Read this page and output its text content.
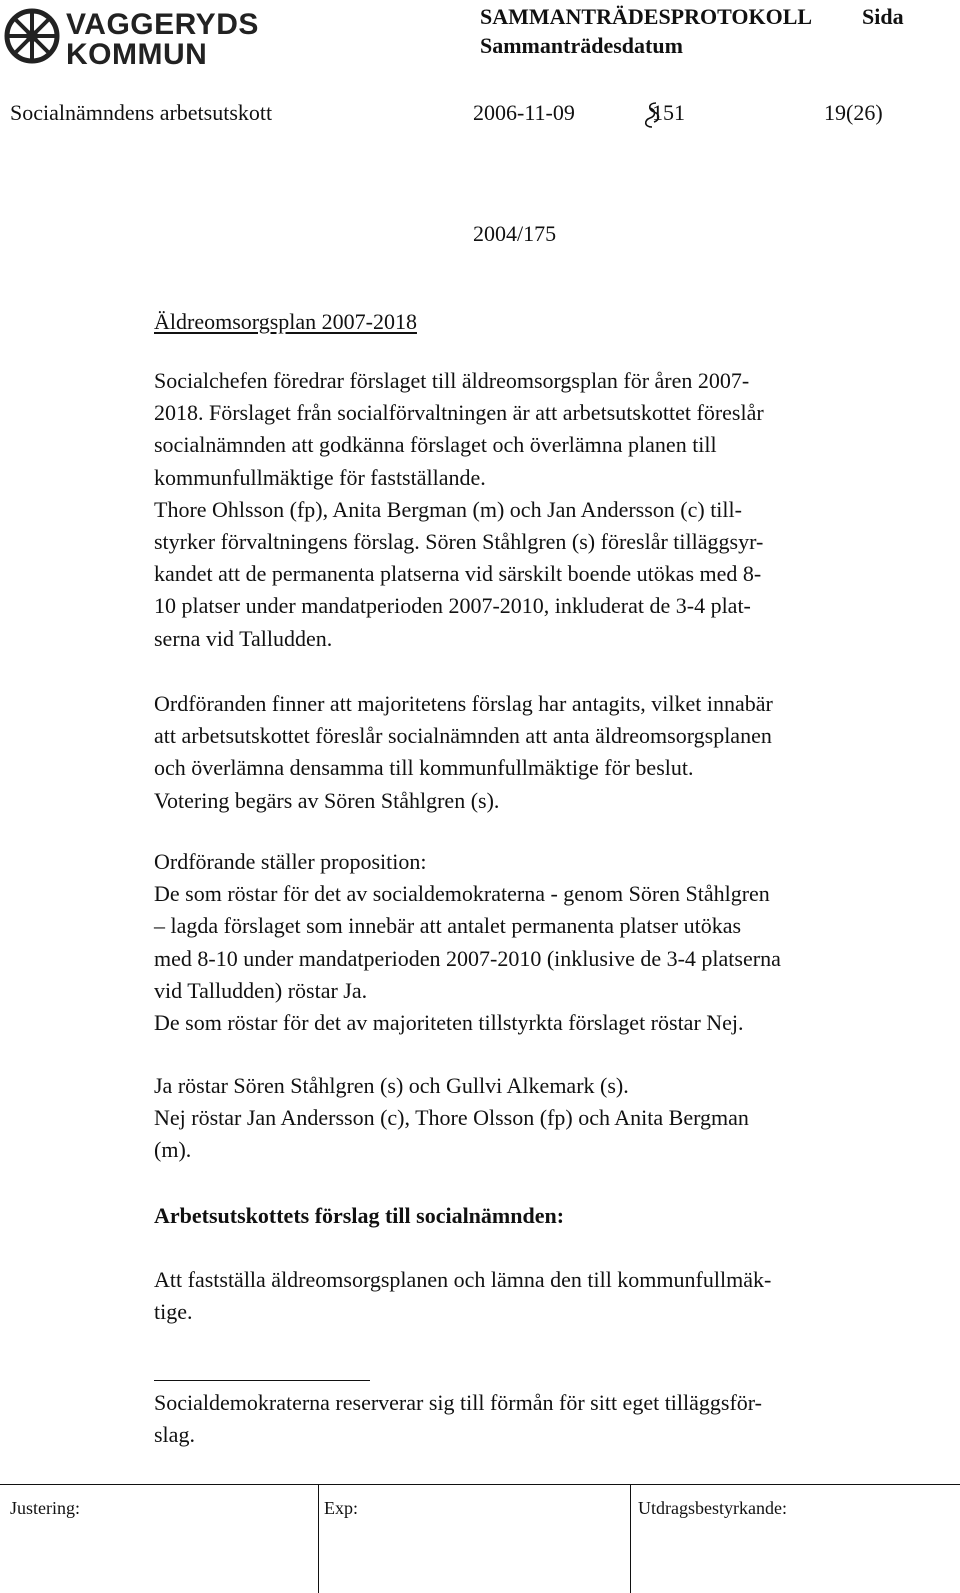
VAGGERYDS
KOMMUN
SAMMANTRÄDESPROTOKOLL Sida
Sammanträdesdatum
Socialnämndens arbetsutskott	2006-11-09	151	19(26)
2004/175
Äldreomsorgsplan 2007-2018
Socialchefen föredrar förslaget till äldreomsorgsplan för åren 2007-
2018. Förslaget från socialförvaltningen är att arbetsutskottet föreslår
socialnämnden att godkänna förslaget och överlämna planen till
kommunfullmäktige för fastställande.
Thore Ohlsson (fp), Anita Bergman (m) och Jan Andersson (c) till-
styrker förvaltningens förslag. Sören Ståhlgren (s) föreslår tilläggsyr-
kandet att de permanenta platserna vid särskilt boende utökas med 8-
10 platser under mandatperioden 2007-2010, inkluderat de 3-4 plat-
serna vid Talludden.
Ordföranden finner att majoritetens förslag har antagits, vilket innabär
att arbetsutskottet föreslår socialnämnden att anta äldreomsorgsplanen
och överlämna densamma till kommunfullmäktige för beslut.
Votering begärs av Sören Ståhlgren (s).
Ordförande ställer proposition:
De som röstar för det av socialdemokraterna - genom Sören Ståhlgren
– lagda förslaget som innebär att antalet permanenta platser utökas
med 8-10 under mandatperioden 2007-2010 (inklusive de 3-4 platserna
vid Talludden) röstar Ja.
De som röstar för det av majoriteten tillstyrkta förslaget röstar Nej.
Ja röstar Sören Ståhlgren (s) och Gullvi Alkemark (s).
Nej röstar Jan Andersson (c), Thore Olsson (fp) och Anita Bergman
(m).
Arbetsutskottets förslag till socialnämnden:
Att fastställa äldreomsorgsplanen och lämna den till kommunfullmäk-
tige.
Socialdemokraterna reserverar sig till förmån för sitt eget tilläggsför-
slag.
Justering:	Exp:	Utdragsbestyrkande:
